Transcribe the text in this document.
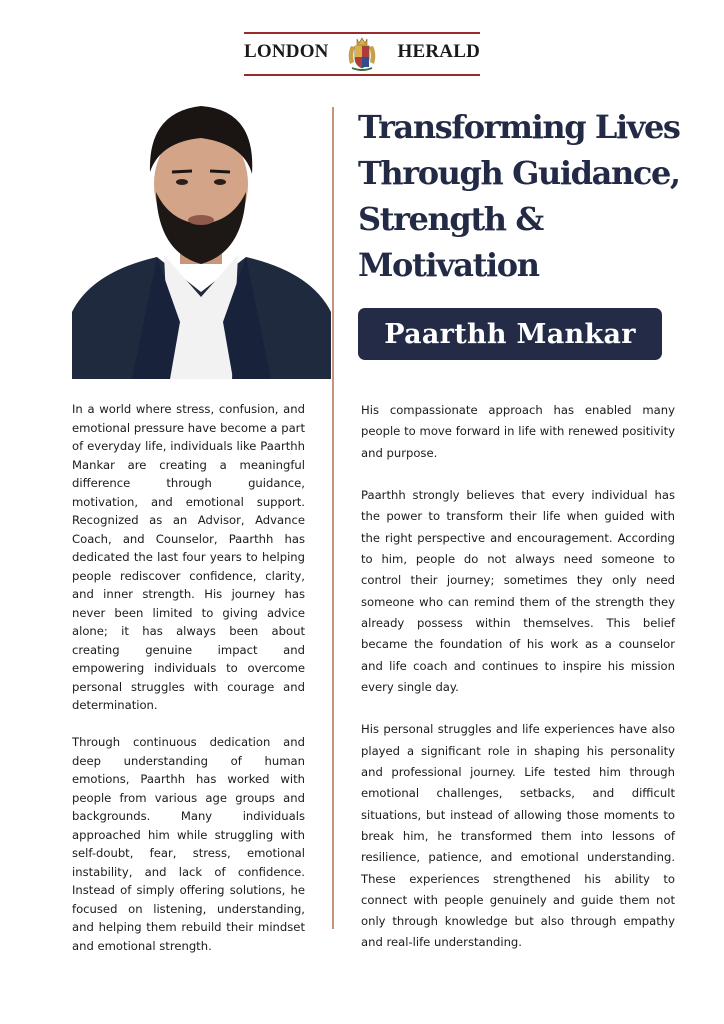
LONDON	HERALD
Transforming Lives Through Guidance, Strength & Motivation
Paarthh Mankar

In a world where stress, confusion, and emotional pressure have become a part of everyday life, individuals like Paarthh Mankar are creating a meaningful difference through guidance, motivation, and emotional support. Recognized as an Advisor, Advance Coach, and Counselor, Paarthh has dedicated the last four years to helping people rediscover confidence, clarity, and inner strength. His journey has never been limited to giving advice alone; it has always been about creating genuine impact and empowering individuals to overcome personal struggles with courage and determination.

Through continuous dedication and deep understanding of human emotions, Paarthh has worked with people from various age groups and backgrounds. Many individuals approached him while struggling with self-doubt, fear, stress, emotional instability, and lack of confidence. Instead of simply offering solutions, he focused on listening, understanding, and helping them rebuild their mindset and emotional strength.

His compassionate approach has enabled many people to move forward in life with renewed positivity and purpose.

Paarthh strongly believes that every individual has the power to transform their life when guided with the right perspective and encouragement. According to him, people do not always need someone to control their journey; sometimes they only need someone who can remind them of the strength they already possess within themselves. This belief became the foundation of his work as a counselor and life coach and continues to inspire his mission every single day.

His personal struggles and life experiences have also played a significant role in shaping his personality and professional journey. Life tested him through emotional challenges, setbacks, and difficult situations, but instead of allowing those moments to break him, he transformed them into lessons of resilience, patience, and emotional understanding. These experiences strengthened his ability to connect with people genuinely and guide them not only through knowledge but also through empathy and real-life understanding.
